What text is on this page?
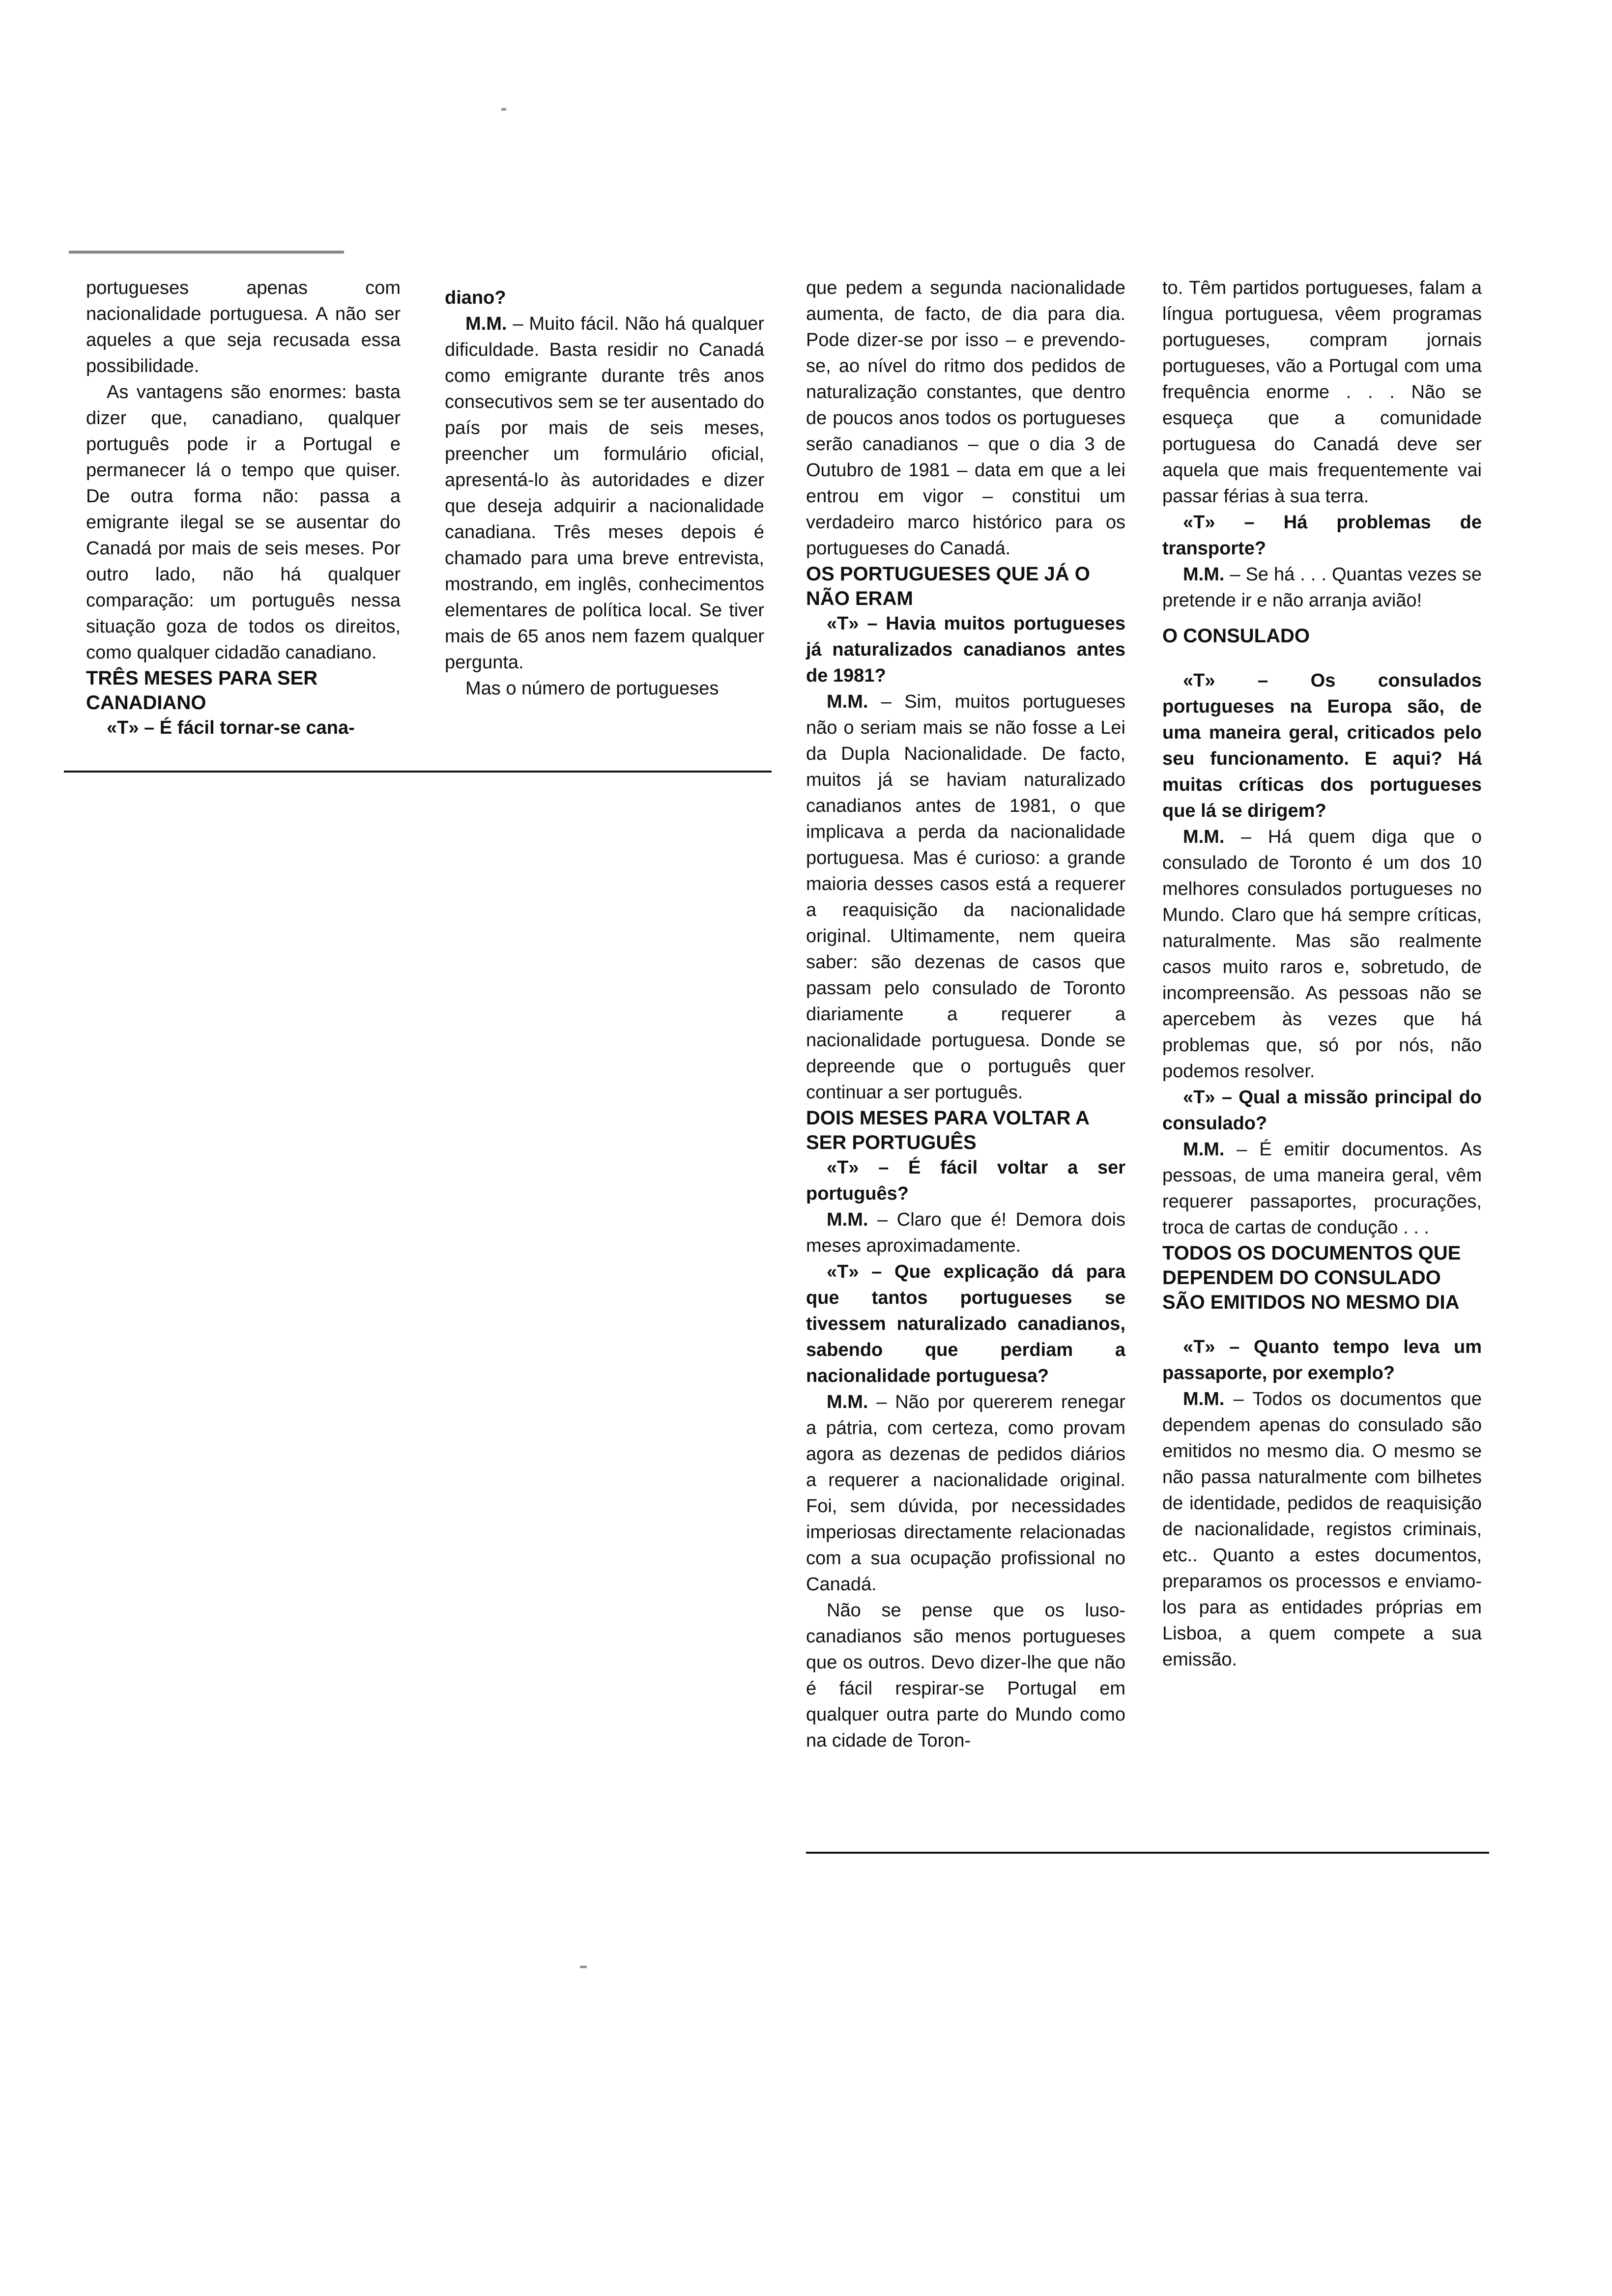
portugueses apenas com nacionalidade portuguesa. A não ser aqueles a que seja recusada essa possibilidade.

As vantagens são enormes: basta dizer que, canadiano, qualquer português pode ir a Portugal e permanecer lá o tempo que quiser. De outra forma não: passa a emigrante ilegal se se ausentar do Canadá por mais de seis meses. Por outro lado, não há qualquer comparação: um português nessa situação goza de todos os direitos, como qualquer cidadão canadiano.

TRÊS MESES PARA SER CANADIANO

«T» – É fácil tornar-se cana-

diano?

M.M. – Muito fácil. Não há qualquer dificuldade. Basta residir no Canadá como emigrante durante três anos consecutivos sem se ter ausentado do país por mais de seis meses, preencher um formulário oficial, apresentá-lo às autoridades e dizer que deseja adquirir a nacionalidade canadiana. Três meses depois é chamado para uma breve entrevista, mostrando, em inglês, conhecimentos elementares de política local. Se tiver mais de 65 anos nem fazem qualquer pergunta.

Mas o número de portugueses

que pedem a segunda nacionalidade aumenta, de facto, de dia para dia. Pode dizer-se por isso – e prevendo-se, ao nível do ritmo dos pedidos de naturalização constantes, que dentro de poucos anos todos os portugueses serão canadianos – que o dia 3 de Outubro de 1981 – data em que a lei entrou em vigor – constitui um verdadeiro marco histórico para os portugueses do Canadá.

OS PORTUGUESES QUE JÁ O NÃO ERAM

«T» – Havia muitos portugueses já naturalizados canadianos antes de 1981?

M.M. – Sim, muitos portugueses não o seriam mais se não fosse a Lei da Dupla Nacionalidade. De facto, muitos já se haviam naturalizado canadianos antes de 1981, o que implicava a perda da nacionalidade portuguesa. Mas é curioso: a grande maioria desses casos está a requerer a reaquisição da nacionalidade original. Ultimamente, nem queira saber: são dezenas de casos que passam pelo consulado de Toronto diariamente a requerer a nacionalidade portuguesa. Donde se depreende que o português quer continuar a ser português.

DOIS MESES PARA VOLTAR A SER PORTUGUÊS

«T» – É fácil voltar a ser português?

M.M. – Claro que é! Demora dois meses aproximadamente.

«T» – Que explicação dá para que tantos portugueses se tivessem naturalizado canadianos, sabendo que perdiam a nacionalidade portuguesa?

M.M. – Não por quererem renegar a pátria, com certeza, como provam agora as dezenas de pedidos diários a requerer a nacionalidade original. Foi, sem dúvida, por necessidades imperiosas directamente relacionadas com a sua ocupação profissional no Canadá.

Não se pense que os luso-canadianos são menos portugueses que os outros. Devo dizer-lhe que não é fácil respirar-se Portugal em qualquer outra parte do Mundo como na cidade de Toron-

to. Têm partidos portugueses, falam a língua portuguesa, vêem programas portugueses, compram jornais portugueses, vão a Portugal com uma frequência enorme . . . Não se esqueça que a comunidade portuguesa do Canadá deve ser aquela que mais frequentemente vai passar férias à sua terra.

«T» – Há problemas de transporte?

M.M. – Se há . . . Quantas vezes se pretende ir e não arranja avião!

O CONSULADO

«T» – Os consulados portugueses na Europa são, de uma maneira geral, criticados pelo seu funcionamento. E aqui? Há muitas críticas dos portugueses que lá se dirigem?

M.M. – Há quem diga que o consulado de Toronto é um dos 10 melhores consulados portugueses no Mundo. Claro que há sempre críticas, naturalmente. Mas são realmente casos muito raros e, sobretudo, de incompreensão. As pessoas não se apercebem às vezes que há problemas que, só por nós, não podemos resolver.

«T» – Qual a missão principal do consulado?

M.M. – É emitir documentos. As pessoas, de uma maneira geral, vêm requerer passaportes, procurações, troca de cartas de condução . . .

TODOS OS DOCUMENTOS QUE DEPENDEM DO CONSULADO SÃO EMITIDOS NO MESMO DIA

«T» – Quanto tempo leva um passaporte, por exemplo?

M.M. – Todos os documentos que dependem apenas do consulado são emitidos no mesmo dia. O mesmo se não passa naturalmente com bilhetes de identidade, pedidos de reaquisição de nacionalidade, registos criminais, etc.. Quanto a estes documentos, preparamos os processos e enviamo-los para as entidades próprias em Lisboa, a quem compete a sua emissão.
